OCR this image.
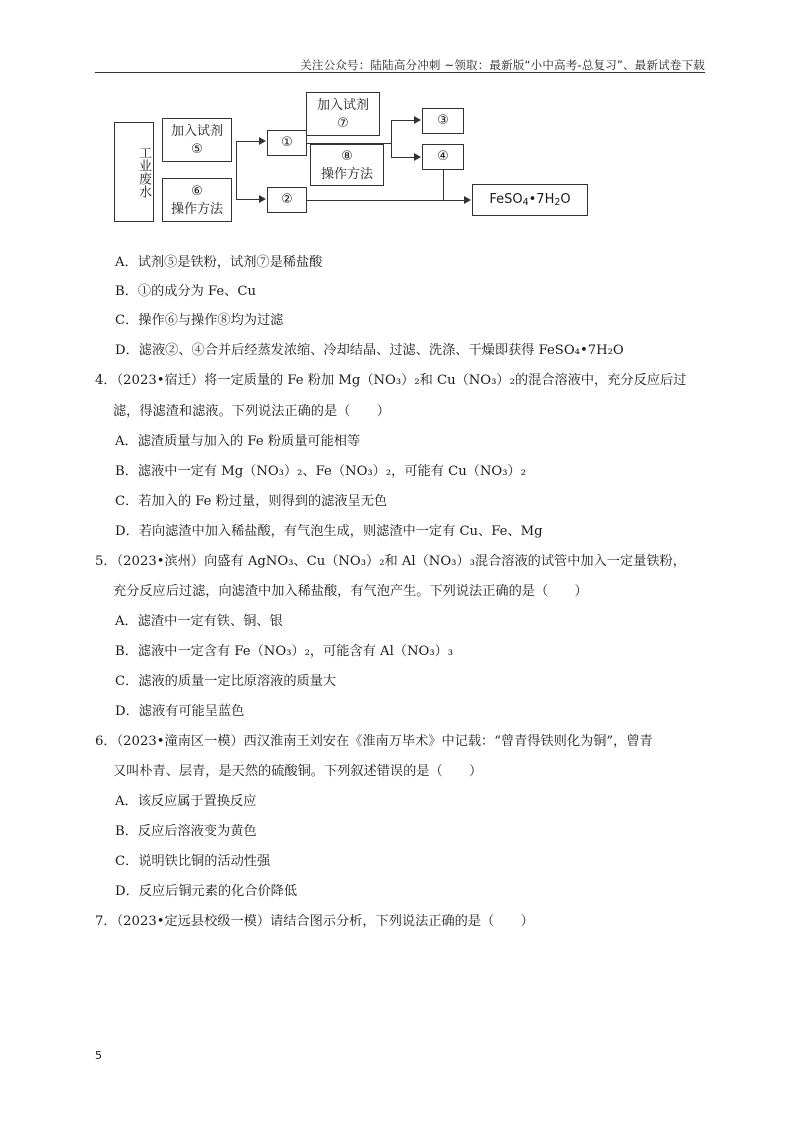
关注公众号：陆陆高分冲刺 ~领取：最新版“小中高考-总复习”、最新试卷下载
工业废水
加入试剂
⑤
⑥
操作方法
①
②
加入试剂
⑦
⑧
操作方法
③
④
FeSO4•7H2O
A．试剂⑤是铁粉，试剂⑦是稀盐酸
B．①的成分为 Fe、Cu
C．操作⑥与操作⑧均为过滤
D．滤液②、④合并后经蒸发浓缩、冷却结晶、过滤、洗涤、干燥即获得 FeSO₄•7H₂O
4．（2023•宿迁）将一定质量的 Fe 粉加 Mg（NO₃）₂和 Cu（NO₃）₂的混合溶液中，充分反应后过
滤，得滤渣和滤液。下列说法正确的是（　　）
A．滤渣质量与加入的 Fe 粉质量可能相等
B．滤液中一定有 Mg（NO₃）₂、Fe（NO₃）₂，可能有 Cu（NO₃）₂
C．若加入的 Fe 粉过量，则得到的滤液呈无色
D．若向滤渣中加入稀盐酸，有气泡生成，则滤渣中一定有 Cu、Fe、Mg
5．（2023•滨州）向盛有 AgNO₃、Cu（NO₃）₂和 Al（NO₃）₃混合溶液的试管中加入一定量铁粉，
充分反应后过滤，向滤渣中加入稀盐酸，有气泡产生。下列说法正确的是（　　）
A．滤渣中一定有铁、铜、银
B．滤液中一定含有 Fe（NO₃）₂，可能含有 Al（NO₃）₃
C．滤液的质量一定比原溶液的质量大
D．滤液有可能呈蓝色
6．（2023•潼南区一模）西汉淮南王刘安在《淮南万毕术》中记载：“曾青得铁则化为铜”，曾青
又叫朴青、层青，是天然的硫酸铜。下列叙述错误的是（　　）
A．该反应属于置换反应
B．反应后溶液变为黄色
C．说明铁比铜的活动性强
D．反应后铜元素的化合价降低
7．（2023•定远县校级一模）请结合图示分析，下列说法正确的是（　　）
5
